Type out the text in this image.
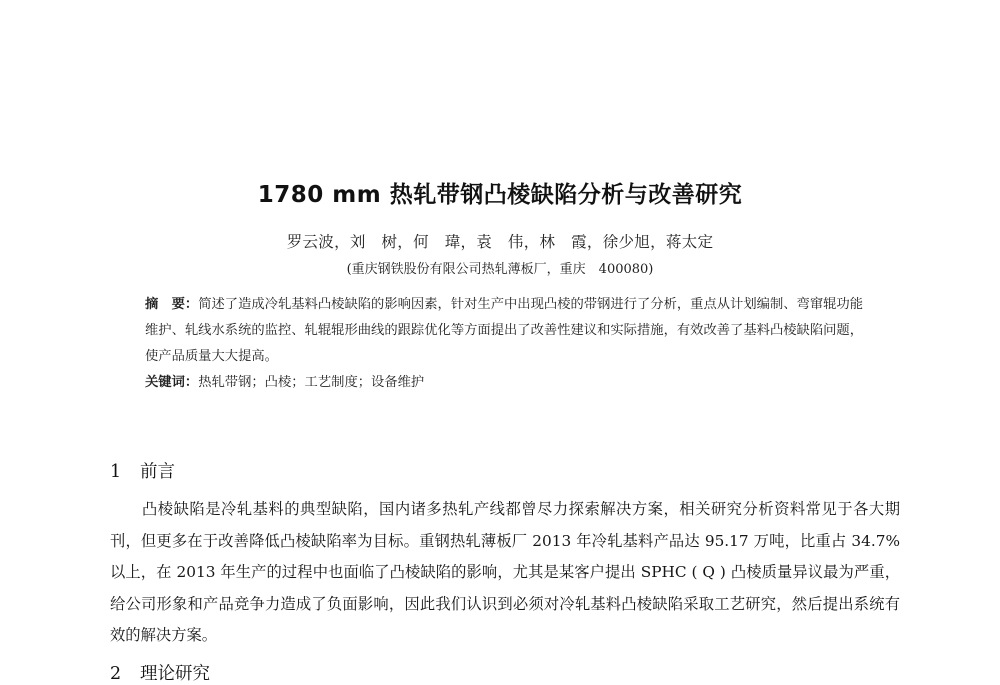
1780 mm 热轧带钢凸棱缺陷分析与改善研究
罗云波，刘　树，何　瑋，袁　伟，林　霞，徐少旭，蒋太定
(重庆钢铁股份有限公司热轧薄板厂，重庆　400080)
摘　要：简述了造成冷轧基料凸棱缺陷的影响因素，针对生产中出现凸棱的带钢进行了分析，重点从计划编制、弯窜辊功能维护、轧线水系统的监控、轧辊辊形曲线的跟踪优化等方面提出了改善性建议和实际措施，有效改善了基料凸棱缺陷问题，使产品质量大大提高。
关键词：热轧带钢；凸棱；工艺制度；设备维护
1 前言

凸棱缺陷是冷轧基料的典型缺陷，国内诸多热轧产线都曾尽力探索解决方案，相关研究分析资料常见于各大期刊，但更多在于改善降低凸棱缺陷率为目标。重钢热轧薄板厂 2013 年冷轧基料产品达 95.17 万吨，比重占 34.7%以上，在 2013 年生产的过程中也面临了凸棱缺陷的影响，尤其是某客户提出 SPHC ( Q ) 凸棱质量异议最为严重，给公司形象和产品竞争力造成了负面影响，因此我们认识到必须对冷轧基料凸棱缺陷采取工艺研究，然后提出系统有效的解决方案。

2 理论研究
